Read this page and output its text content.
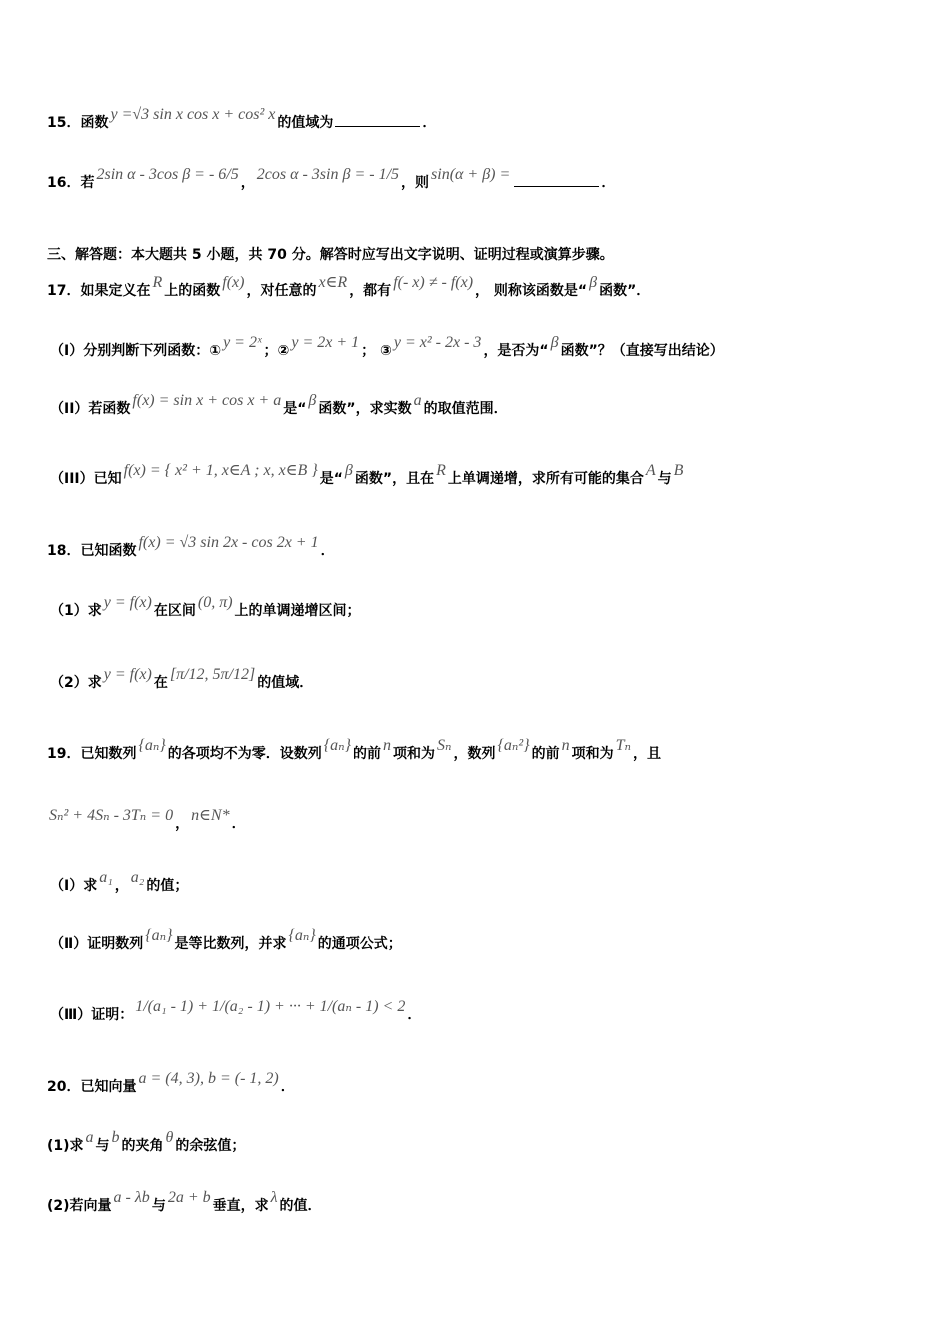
15．函数 y =√3 sin x cos x + cos² x 的值域为	．
16．若 2sin α - 3cos β = - 6/5 ， 2cos α - 3sin β = - 1/5 ，则 sin(α + β) =	．
三、解答题：本大题共 5 小题，共 70 分。解答时应写出文字说明、证明过程或演算步骤。
17．如果定义在 R 上的函数 f(x) ，对任意的 x∈R ，都有 f(- x) ≠ - f(x) ， 则称该函数是“ β 函数”．
（I）分别判断下列函数：① y = 2ˣ ；② y = 2x + 1 ； ③ y = x² - 2x - 3 ，是否为“ β 函数”？（直接写出结论）
（II）若函数 f(x) = sin x + cos x + a 是“ β 函数”，求实数 a 的取值范围．
（III）已知 f(x) = { x² + 1, x∈A ; x, x∈B } 是“ β 函数”，且在 R 上单调递增，求所有可能的集合 A 与 B
18．已知函数 f(x) = √3 sin 2x - cos 2x + 1 ．
（1）求 y = f(x) 在区间 (0, π) 上的单调递增区间；
（2）求 y = f(x) 在 [π/12, 5π/12] 的值域．
19．已知数列 {aₙ} 的各项均不为零．设数列 {aₙ} 的前 n 项和为 Sₙ ，数列 {aₙ²} 的前 n 项和为 Tₙ ，且
Sₙ² + 4Sₙ - 3Tₙ = 0 ， n∈N* ．
（Ⅰ）求 a₁ ， a₂ 的值；
（Ⅱ）证明数列 {aₙ} 是等比数列，并求 {aₙ} 的通项公式；
（Ⅲ）证明： 1/(a₁ - 1) + 1/(a₂ - 1) + ··· + 1/(aₙ - 1) < 2 ．
20．已知向量 a = (4, 3), b = (- 1, 2) ．
(1)求 a 与 b 的夹角 θ 的余弦值；
(2)若向量 a - λb 与 2a + b 垂直，求 λ 的值．
